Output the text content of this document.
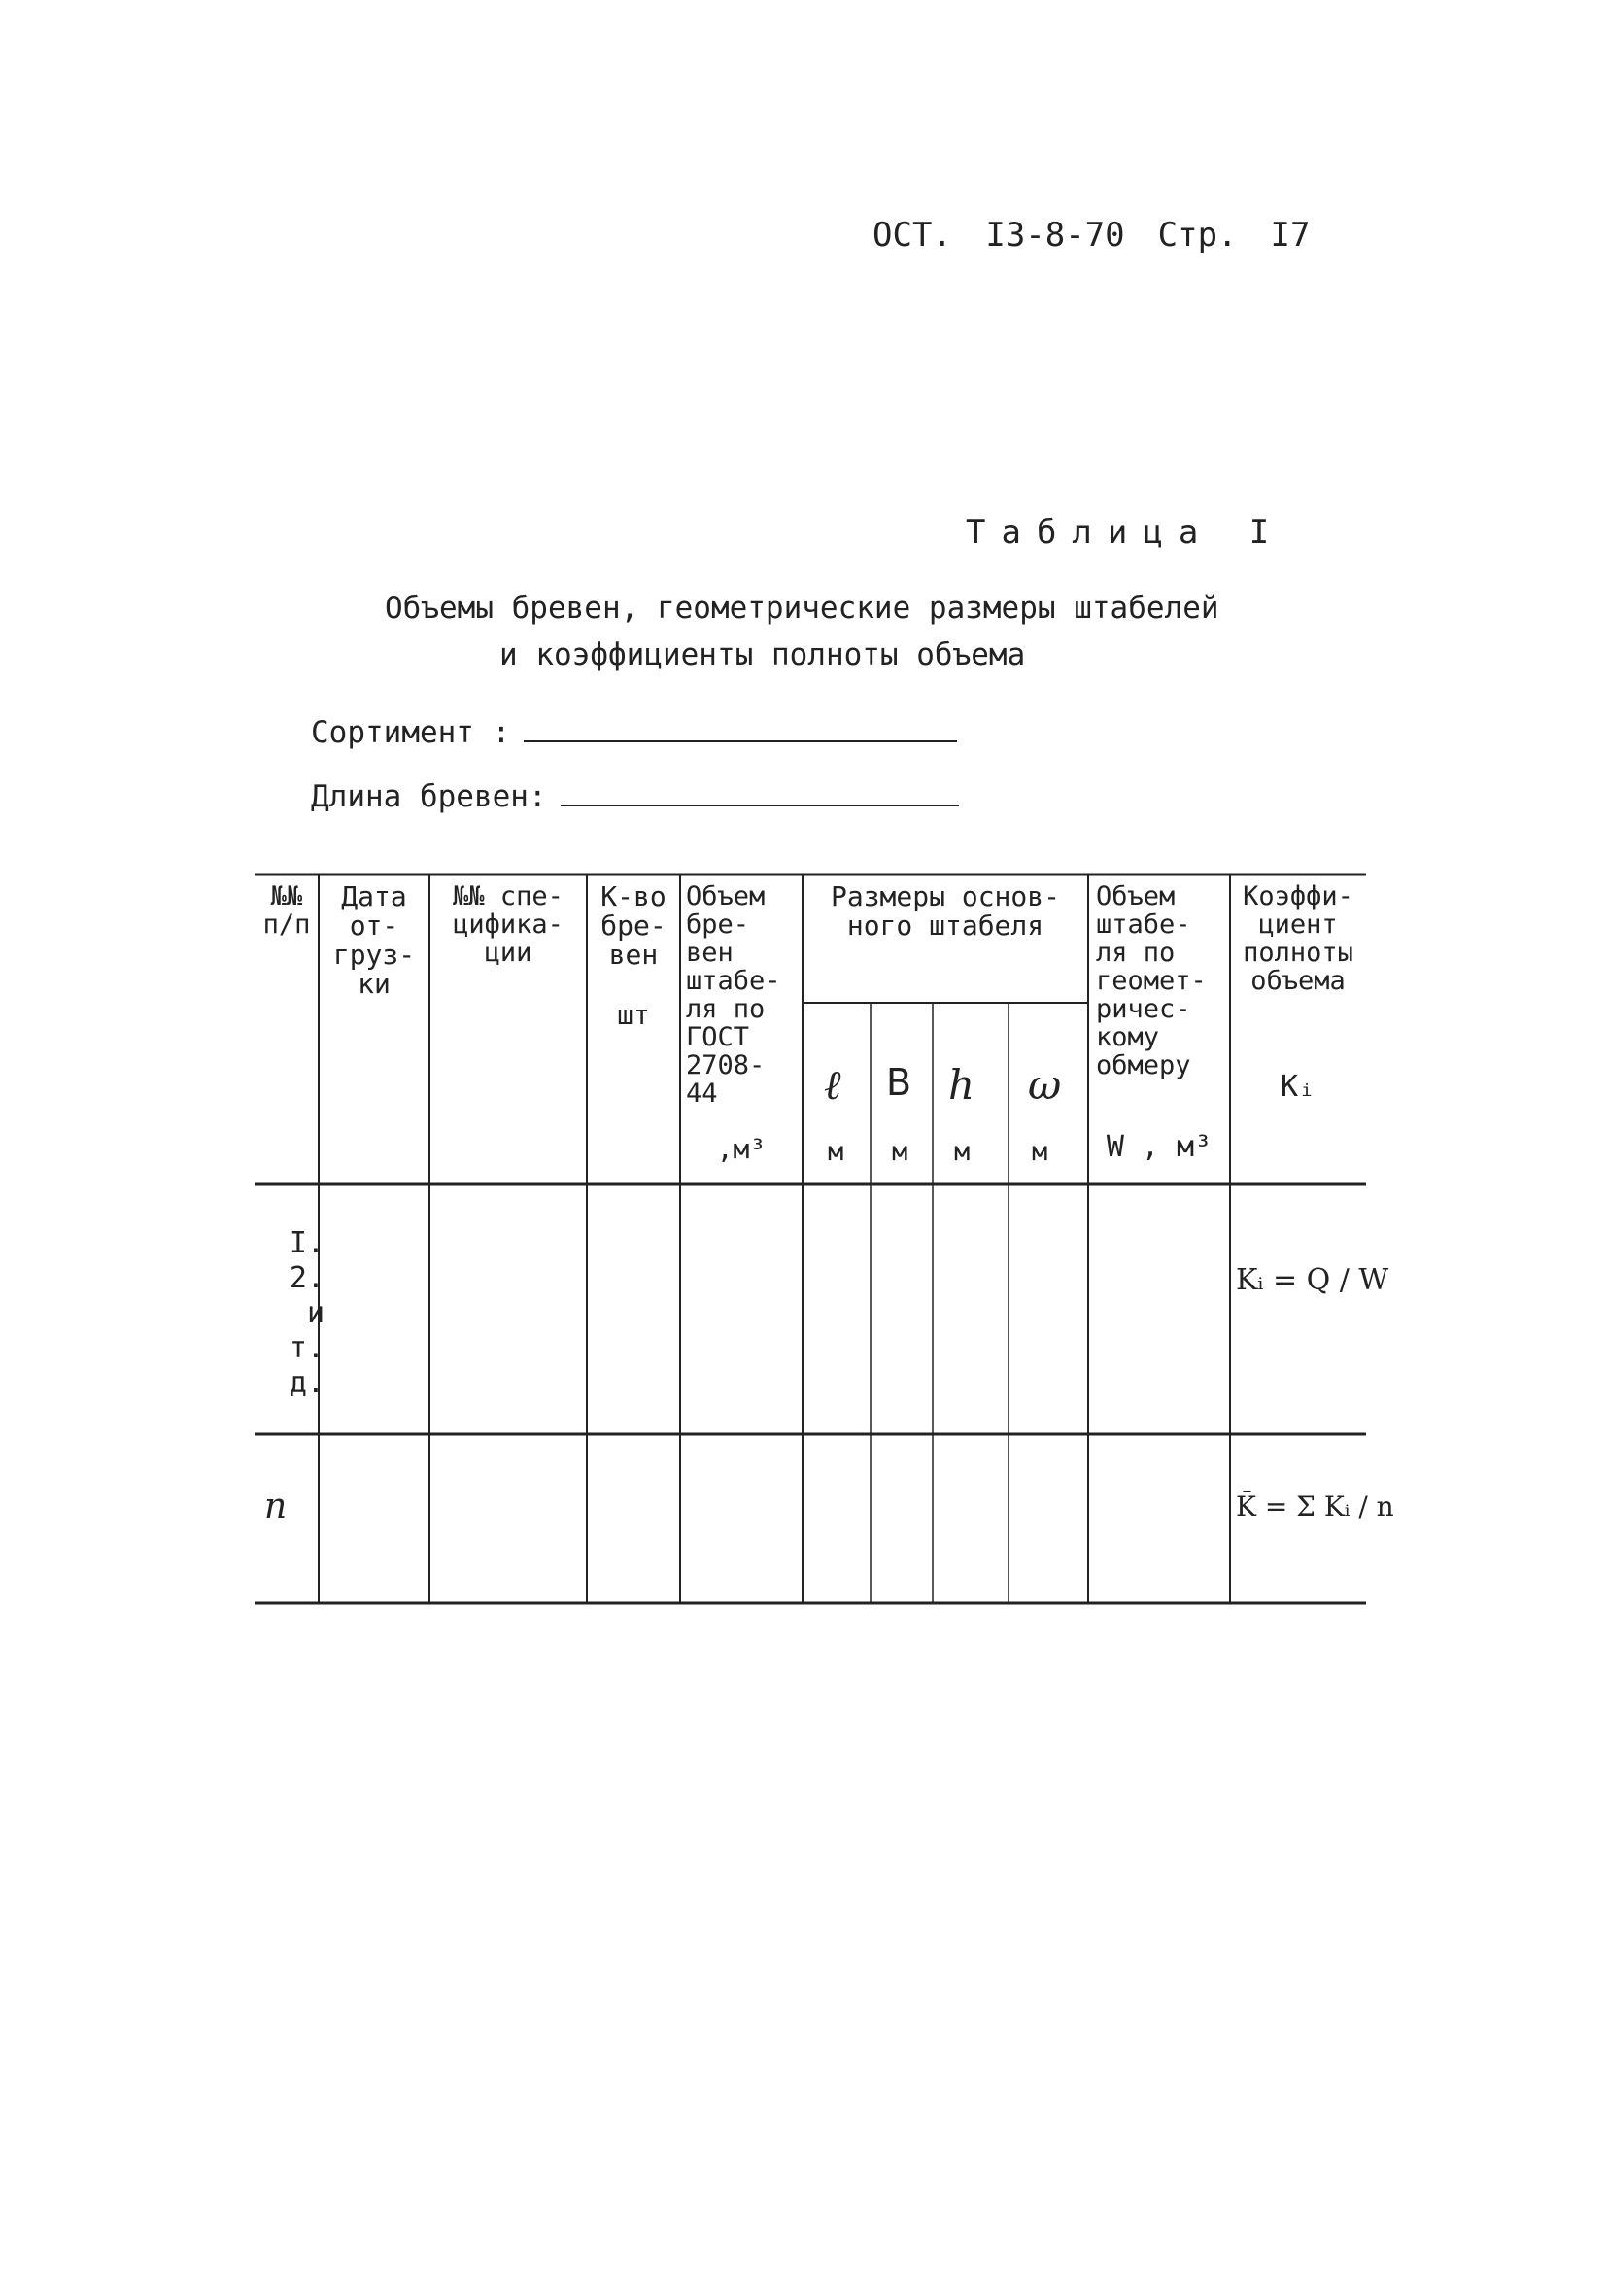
ОСТ. I3-8-70 Стр. I7
Таблица I
Объемы бревен, геометрические размеры штабелей
и коэффициенты полноты объема
Сортимент :
Длина бревен:
№№
п/п
Дата
от-
груз-
ки
№№ спе-
цифика-
ции
К-во
бре-
вен
шт
Объем
бре-
вен
штабе-
ля по
ГОСТ
2708-
44
,м³
Размеры основ-
ного штабеля
ℓ B h ω
м м м м
Объем
штабе-
ля по
геомет-
ричес-
кому
обмеру
W , м³
Коэффи-
циент
полноты
объема
Kᵢ
I.
2.
и т.
д.
Kᵢ = Q / W
n	K̄ = Σ Kᵢ / n
